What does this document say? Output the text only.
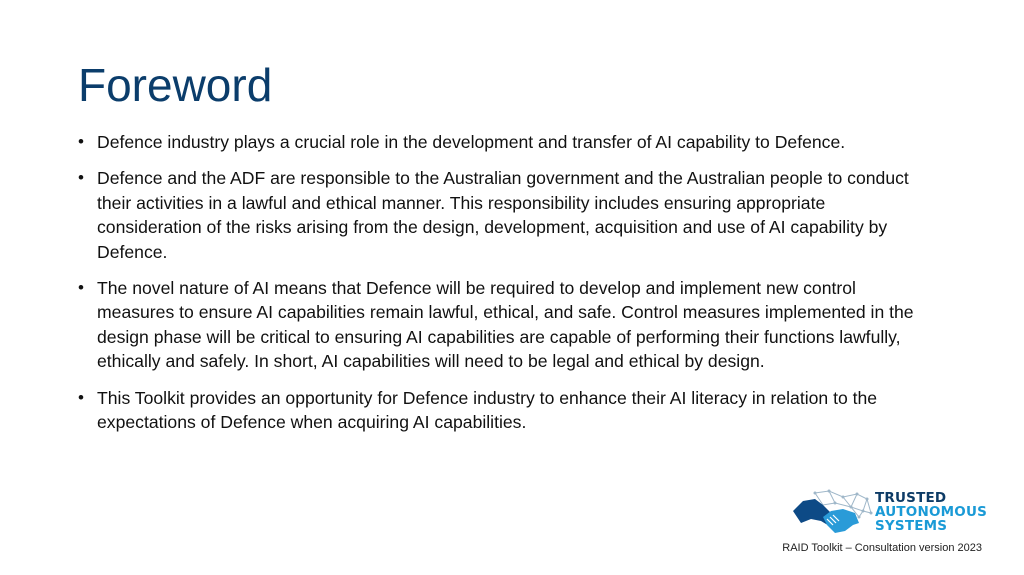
Foreword
• Defence industry plays a crucial role in the development and transfer of AI capability to Defence.
• Defence and the ADF are responsible to the Australian government and the Australian people to conduct their activities in a lawful and ethical manner. This responsibility includes ensuring appropriate consideration of the risks arising from the design, development, acquisition and use of AI capability by Defence.
• The novel nature of AI means that Defence will be required to develop and implement new control measures to ensure AI capabilities remain lawful, ethical, and safe. Control measures implemented in the design phase will be critical to ensuring AI capabilities are capable of performing their functions lawfully, ethically and safely. In short, AI capabilities will need to be legal and ethical by design.
• This Toolkit provides an opportunity for Defence industry to enhance their AI literacy in relation to the expectations of Defence when acquiring AI capabilities.
TRUSTED
AUTONOMOUS
SYSTEMS
RAID Toolkit – Consultation version 2023
